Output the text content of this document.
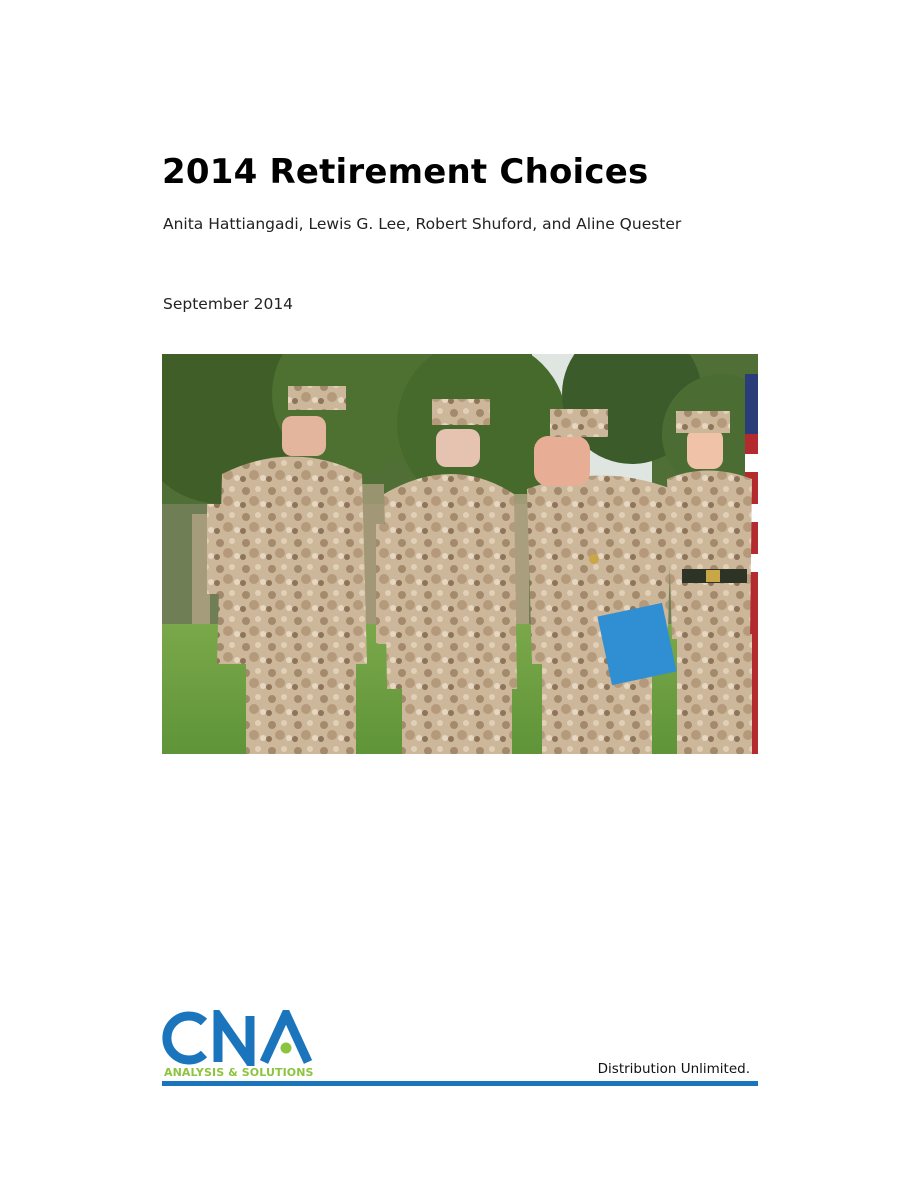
2014 Retirement Choices

Anita Hattiangadi, Lewis G. Lee, Robert Shuford, and Aline Quester

September 2014

ANALYSIS & SOLUTIONS	Distribution Unlimited.
